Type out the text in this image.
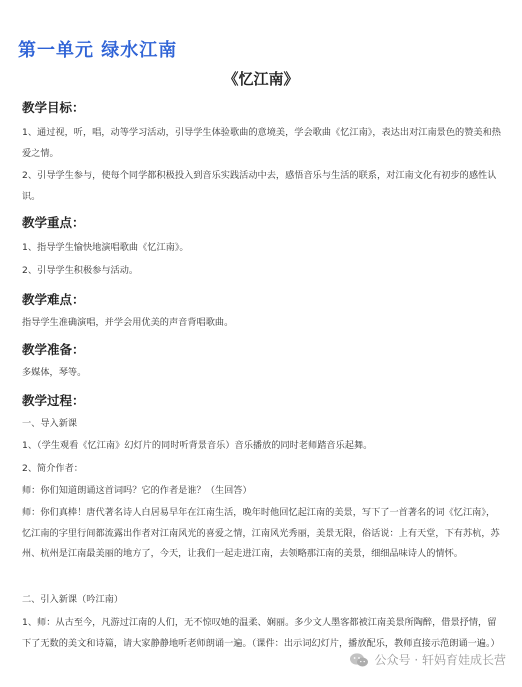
第一单元 绿水江南
《忆江南》
教学目标：

1、通过视，听，唱，动等学习活动，引导学生体验歌曲的意境美，学会歌曲《忆江南》，表达出对江南景色的赞美和热爱之情。

2、引导学生参与，使每个同学都积极投入到音乐实践活动中去，感悟音乐与生活的联系，对江南文化有初步的感性认识。

教学重点：

1、指导学生愉快地演唱歌曲《忆江南》。

2、引导学生积极参与活动。

教学难点：

指导学生准确演唱，并学会用优美的声音背唱歌曲。

教学准备：

多媒体，琴等。

教学过程：

一、导入新课

1、（学生观看《忆江南》幻灯片的同时听背景音乐）音乐播放的同时老师踏音乐起舞。

2、简介作者：

师：你们知道朗诵这首词吗？它的作者是谁？（生回答）

师：你们真棒！唐代著名诗人白居易早年在江南生活，晚年时他回忆起江南的美景，写下了一首著名的词《忆江南》，忆江南的字里行间都流露出作者对江南风光的喜爱之情，江南风光秀丽，美景无限，俗话说：上有天堂，下有苏杭，苏州、杭州是江南最美丽的地方了，今天，让我们一起走进江南，去领略那江南的美景，细细品味诗人的情怀。

二、引入新课（吟江南）

1、师：从古至今，凡游过江南的人们，无不惊叹她的温柔、娴丽。多少文人墨客都被江南美景所陶醉，借景抒情，留下了无数的美文和诗篇，请大家静静地听老师朗诵一遍。（课件：出示词幻灯片，播放配乐，教师直接示范朗诵一遍。）

公众号 · 轩妈育娃成长营
